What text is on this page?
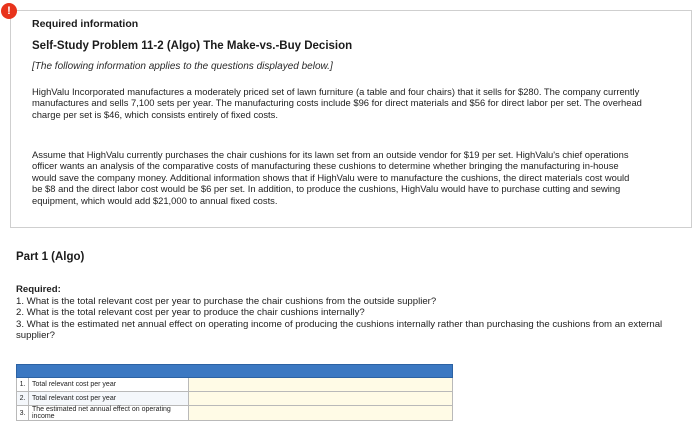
!
Required information
Self-Study Problem 11-2 (Algo) The Make-vs.-Buy Decision
[The following information applies to the questions displayed below.]
HighValu Incorporated manufactures a moderately priced set of lawn furniture (a table and four chairs) that it sells for $280. The company currently manufactures and sells 7,100 sets per year. The manufacturing costs include $96 for direct materials and $56 for direct labor per set. The overhead charge per set is $46, which consists entirely of fixed costs.
Assume that HighValu currently purchases the chair cushions for its lawn set from an outside vendor for $19 per set. HighValu's chief operations officer wants an analysis of the comparative costs of manufacturing these cushions to determine whether bringing the manufacturing in-house would save the company money. Additional information shows that if HighValu were to manufacture the cushions, the direct materials cost would be $8 and the direct labor cost would be $6 per set. In addition, to produce the cushions, HighValu would have to purchase cutting and sewing equipment, which would add $21,000 to annual fixed costs.
Part 1 (Algo)
Required:
1. What is the total relevant cost per year to purchase the chair cushions from the outside supplier?
2. What is the total relevant cost per year to produce the chair cushions internally?
3. What is the estimated net annual effect on operating income of producing the cushions internally rather than purchasing the cushions from an external supplier?

1.	Total relevant cost per year	
2.	Total relevant cost per year	
3.	The estimated net annual effect on operating income	
